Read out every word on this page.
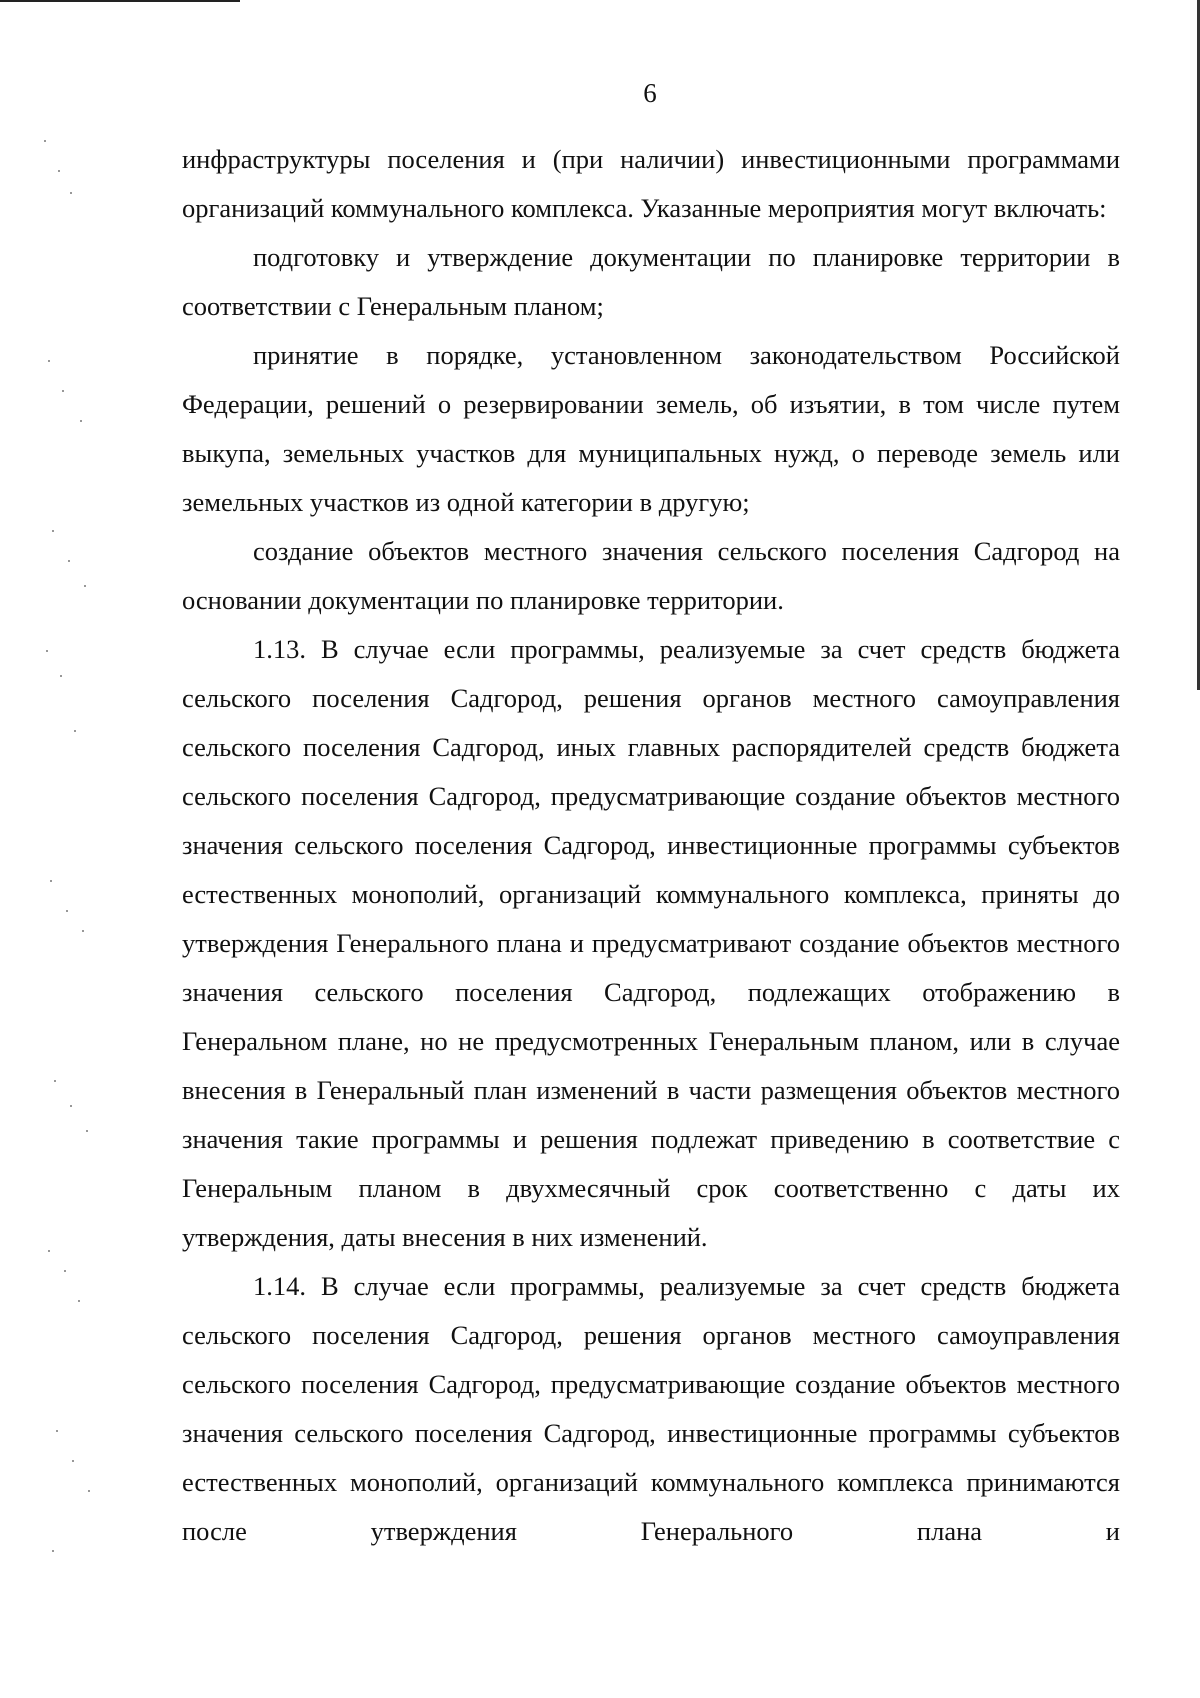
6

инфраструктуры поселения и (при наличии) инвестиционными программами организаций коммунального комплекса. Указанные мероприятия могут включать:

подготовку и утверждение документации по планировке территории в соответствии с Генеральным планом;

принятие в порядке, установленном законодательством Российской Федерации, решений о резервировании земель, об изъятии, в том числе путем выкупа, земельных участков для муниципальных нужд, о переводе земель или земельных участков из одной категории в другую;

создание объектов местного значения сельского поселения Садгород на основании документации по планировке территории.

1.13. В случае если программы, реализуемые за счет средств бюджета сельского поселения Садгород, решения органов местного самоуправления сельского поселения Садгород, иных главных распорядителей средств бюджета сельского поселения Садгород, предусматривающие создание объектов местного значения сельского поселения Садгород, инвестиционные программы субъектов естественных монополий, организаций коммунального комплекса, приняты до утверждения Генерального плана и предусматривают создание объектов местного значения сельского поселения Садгород, подлежащих отображению в Генеральном плане, но не предусмотренных Генеральным планом, или в случае внесения в Генеральный план изменений в части размещения объектов местного значения такие программы и решения подлежат приведению в соответствие с Генеральным планом в двухмесячный срок соответственно с даты их утверждения, даты внесения в них изменений.

1.14. В случае если программы, реализуемые за счет средств бюджета сельского поселения Садгород, решения органов местного самоуправления сельского поселения Садгород, предусматривающие создание объектов местного значения сельского поселения Садгород, инвестиционные программы субъектов естественных монополий, организаций коммунального комплекса принимаются после утверждения Генерального плана и
